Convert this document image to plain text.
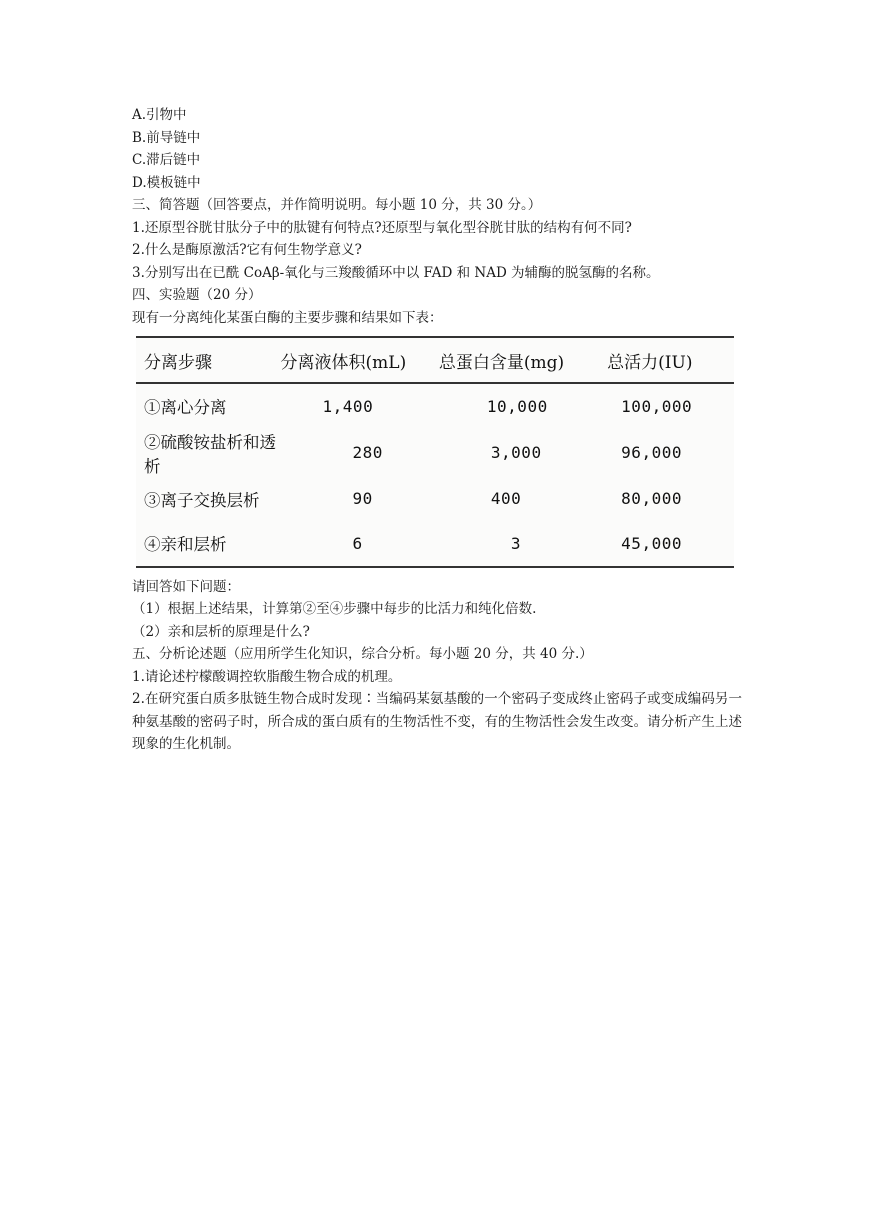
A.引物中
B.前导链中
C.滞后链中
D.模板链中
三、简答题（回答要点，并作简明说明。每小题 10 分，共 30 分。）
1.还原型谷胱甘肽分子中的肽键有何特点?还原型与氧化型谷胱甘肽的结构有何不同?
2.什么是酶原激活?它有何生物学意义?
3.分别写出在已酰 CoAβ-氧化与三羧酸循环中以 FAD 和 NAD 为辅酶的脱氢酶的名称。
四、实验题（20 分）
现有一分离纯化某蛋白酶的主要步骤和结果如下表：
分离步骤	分离液体积(mL)	总蛋白含量(mg)	总活力(IU)
①离心分离	1,400	10,000	100,000
②硫酸铵盐析和透析	280	3,000	96,000
③离子交换层析	90	400	80,000
④亲和层析	6	3	45,000
请回答如下问题：
（1）根据上述结果，计算第②至④步骤中每步的比活力和纯化倍数.
（2）亲和层析的原理是什么?
五、分析论述题（应用所学生化知识，综合分析。每小题 20 分，共 40 分.）
1.请论述柠檬酸调控软脂酸生物合成的机理。
2.在研究蛋白质多肽链生物合成时发现∶当编码某氨基酸的一个密码子变成终止密码子或变成编码另一种氨基酸的密码子时，所合成的蛋白质有的生物活性不变，有的生物活性会发生改变。请分析产生上述现象的生化机制。
